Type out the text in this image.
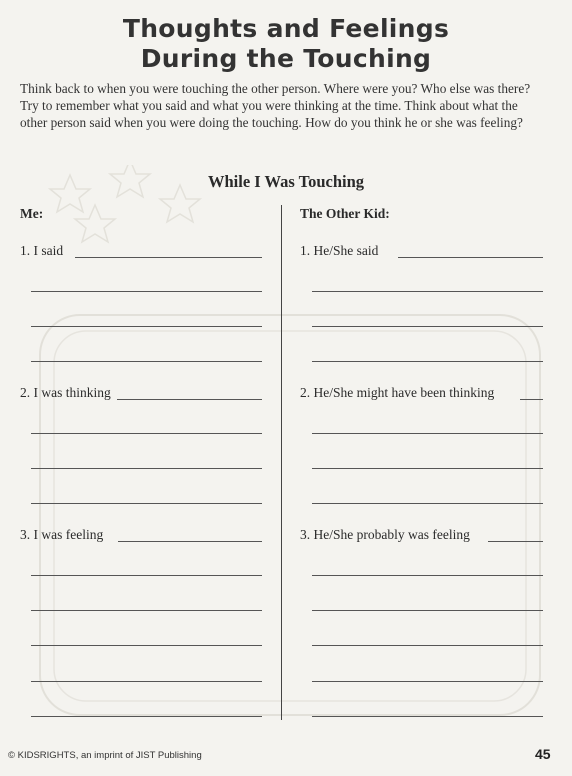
Thoughts and Feelings
During the Touching
Think back to when you were touching the other person. Where were you? Who else was there? Try to remember what you said and what you were thinking at the time. Think about what the other person said when you were doing the touching. How do you think he or she was feeling?
While I Was Touching
Me:	The Other Kid:
1. I said
2. I was thinking
3. I was feeling
1. He/She said
2. He/She might have been thinking
3. He/She probably was feeling
© KIDSRIGHTS, an imprint of JIST Publishing	45
